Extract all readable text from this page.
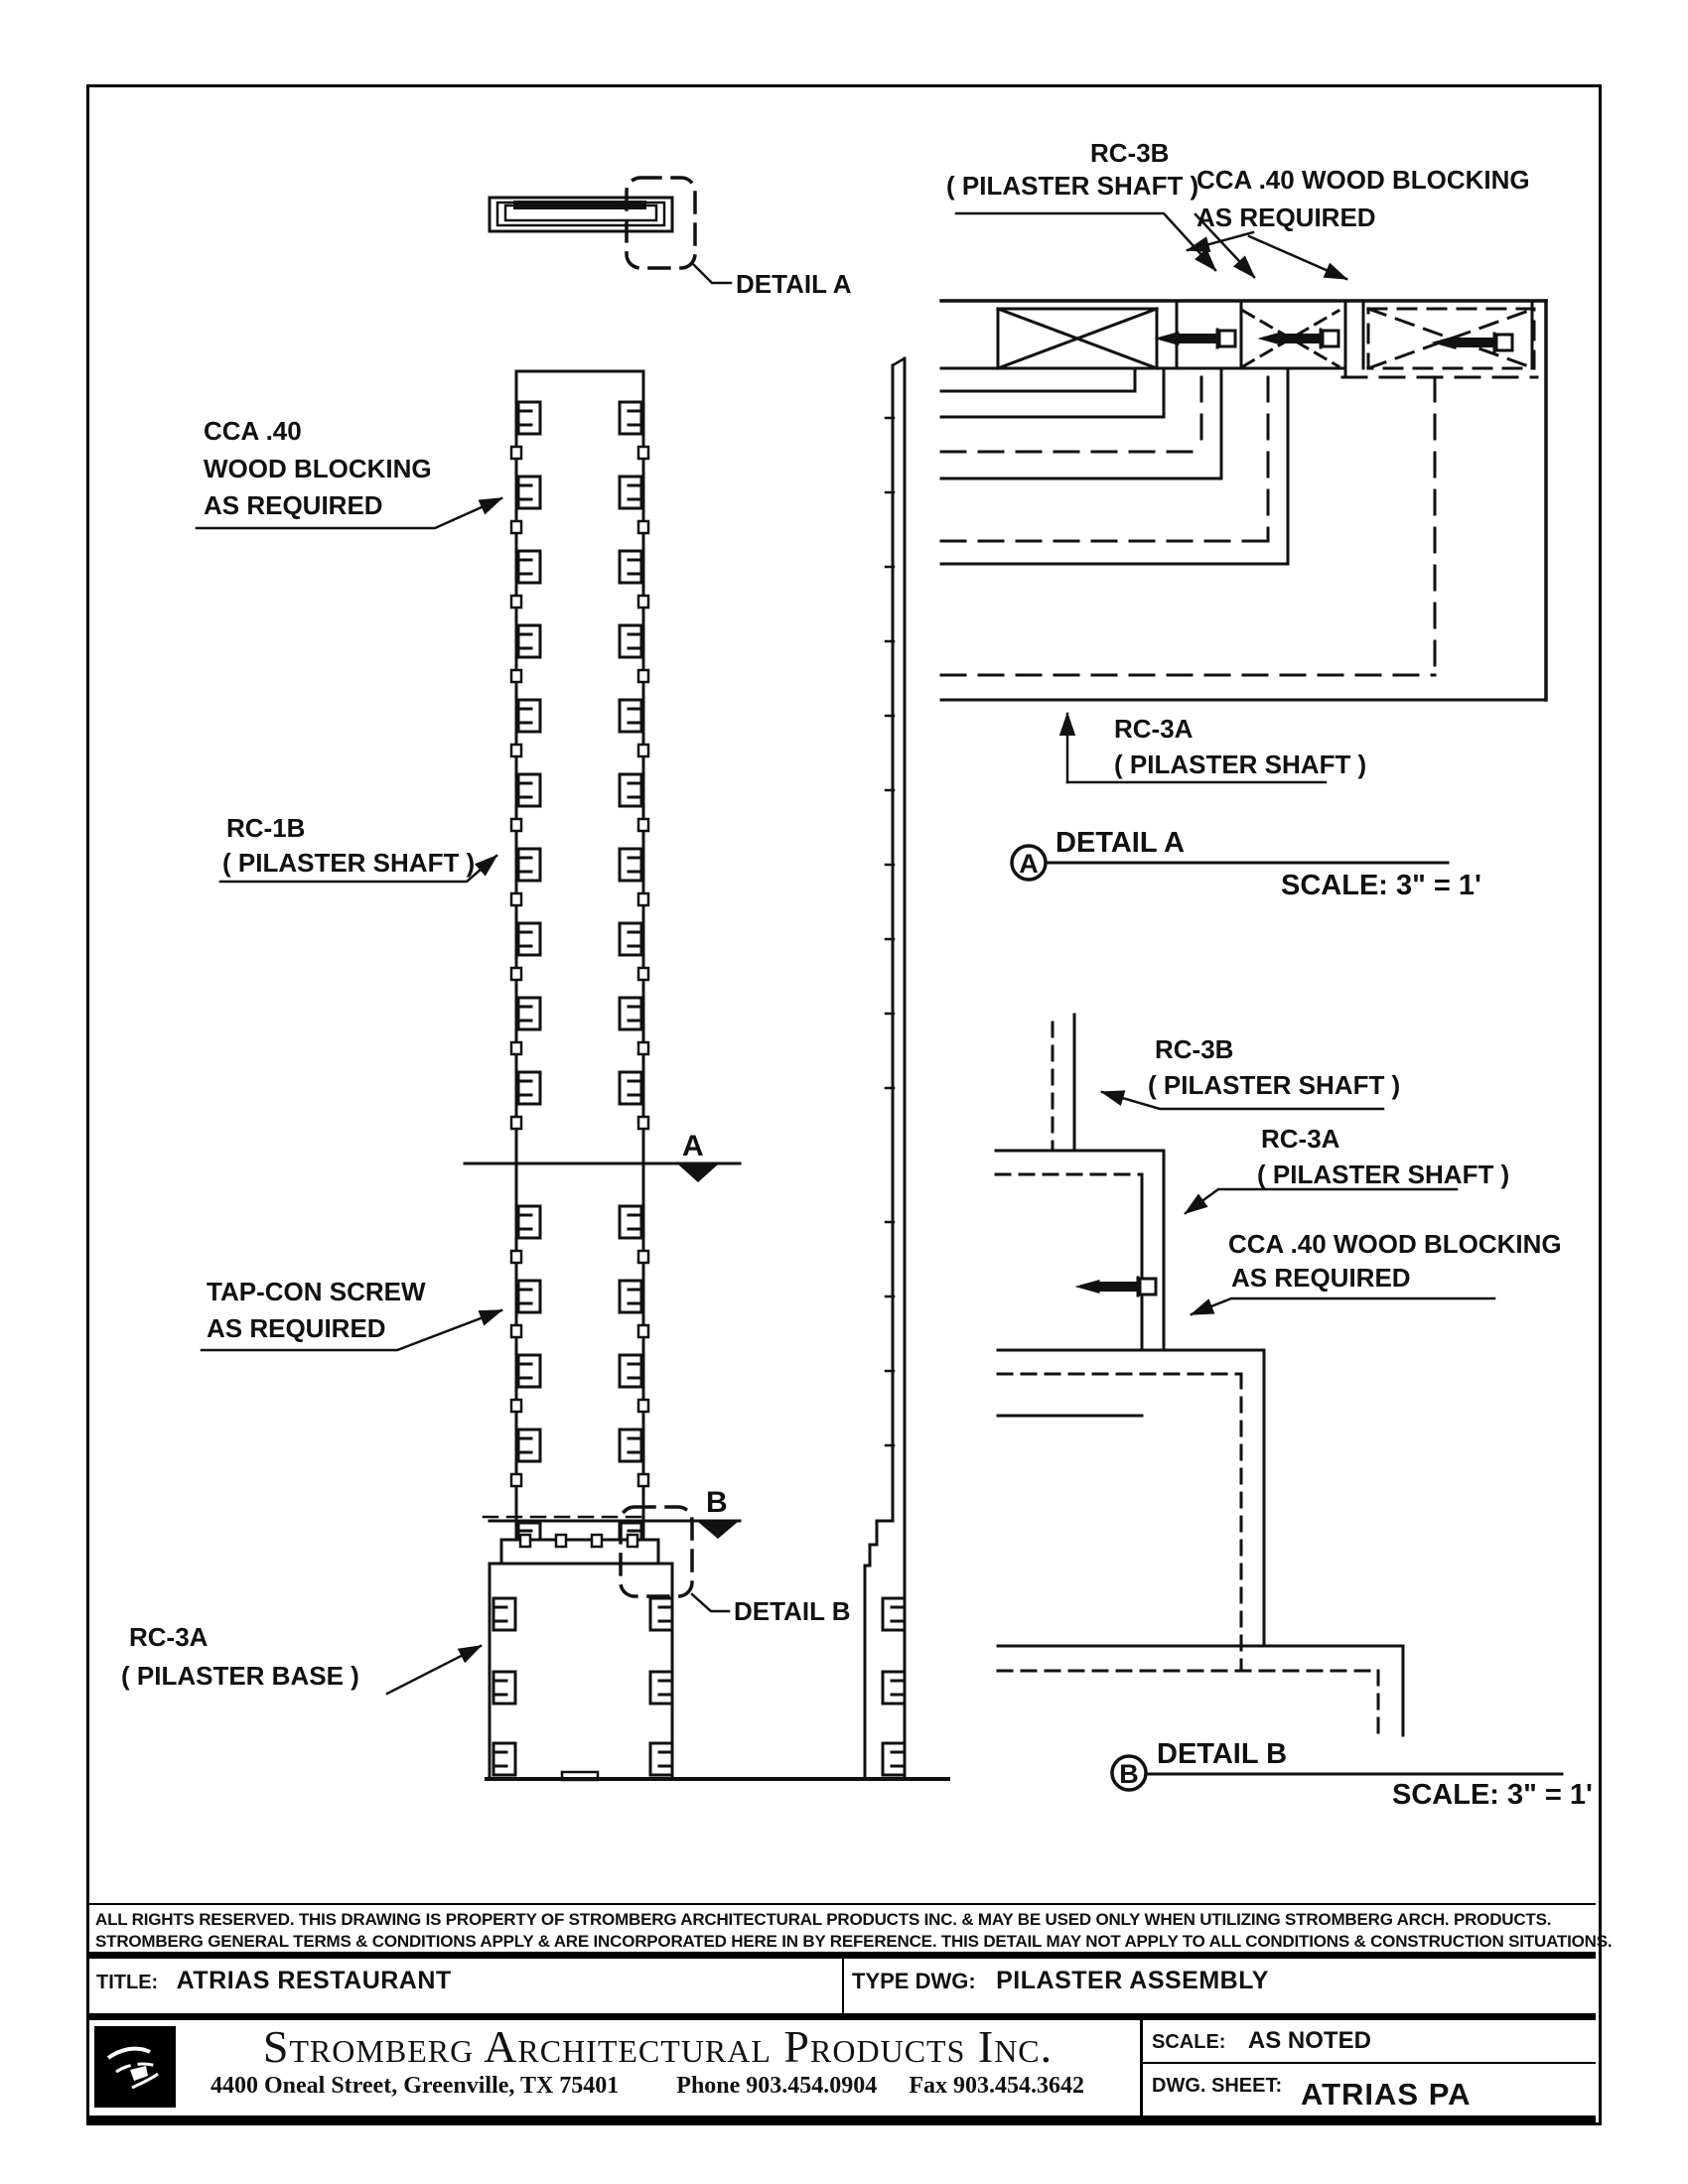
DETAIL A
CCA .40
WOOD BLOCKING
AS REQUIRED
RC-1B
( PILASTER SHAFT )
TAP-CON SCREW
AS REQUIRED
RC-3A
( PILASTER BASE )
RC-3B
( PILASTER SHAFT )
CCA .40 WOOD BLOCKING
AS REQUIRED
RC-3A
( PILASTER SHAFT )
A
B
DETAIL B
RC-3B
( PILASTER SHAFT )
RC-3A
( PILASTER SHAFT )
CCA .40 WOOD BLOCKING
AS REQUIRED
A
DETAIL A
SCALE: 3" = 1'
B
DETAIL B
SCALE: 3" = 1'
ALL RIGHTS RESERVED. THIS DRAWING IS PROPERTY OF STROMBERG ARCHITECTURAL PRODUCTS INC. & MAY BE USED ONLY WHEN UTILIZING STROMBERG ARCH. PRODUCTS.
STROMBERG GENERAL TERMS & CONDITIONS APPLY & ARE INCORPORATED HERE IN BY REFERENCE. THIS DETAIL MAY NOT APPLY TO ALL CONDITIONS & CONSTRUCTION SITUATIONS.
TITLE: ATRIAS RESTAURANT	TYPE DWG: PILASTER ASSEMBLY
Stromberg Architectural Products Inc.
4400 Oneal Street, Greenville, TX 75401 Phone 903.454.0904 Fax 903.454.3642
SCALE: AS NOTED
DWG. SHEET: ATRIAS PA
